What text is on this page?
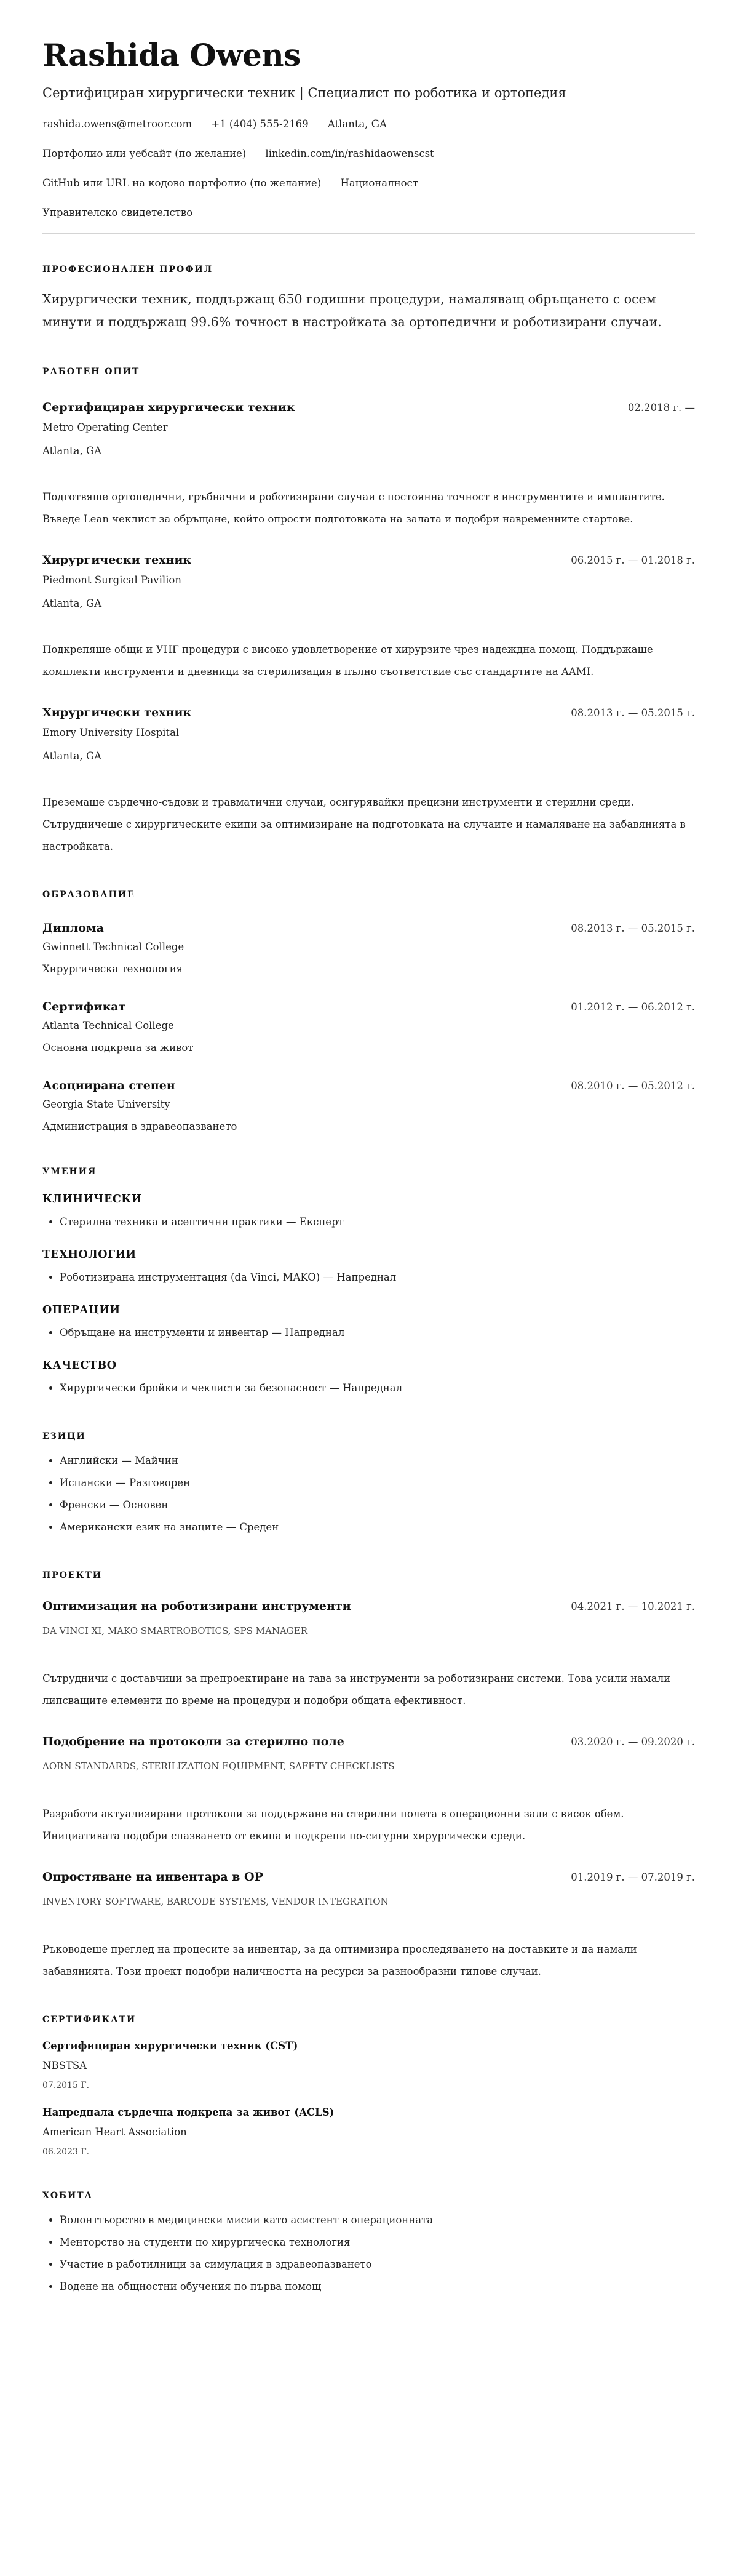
Rashida Owens
Сертифициран хирургически техник | Специалист по роботика и ортопедия
rashida.owens@metroor.com +1 (404) 555-2169 Atlanta, GA
Портфолио или уебсайт (по желание) linkedin.com/in/rashidaowenscst
GitHub или URL на кодово портфолио (по желание) Националност
Управителско свидетелство
ПРОФЕСИОНАЛЕН ПРОФИЛ
Хирургически техник, поддържащ 650 годишни процедури, намаляващ обръщането с осем минути и поддържащ 99.6% точност в настройката за ортопедични и роботизирани случаи.
РАБОТЕН ОПИТ
Сертифициран хирургически техник	02.2018 г. —
Metro Operating Center
Atlanta, GA
Подготвяше ортопедични, гръбначни и роботизирани случаи с постоянна точност в инструментите и имплантите. Въведе Lean чеклист за обръщане, който опрости подготовката на залата и подобри навременните стартове.
Хирургически техник	06.2015 г. — 01.2018 г.
Piedmont Surgical Pavilion
Atlanta, GA
Подкрепяше общи и УНГ процедури с високо удовлетворение от хирурзите чрез надеждна помощ. Поддържаше комплекти инструменти и дневници за стерилизация в пълно съответствие със стандартите на AAMI.
Хирургически техник	08.2013 г. — 05.2015 г.
Emory University Hospital
Atlanta, GA
Преземаше сърдечно-съдови и травматични случаи, осигурявайки прецизни инструменти и стерилни среди. Сътрудничеше с хирургическите екипи за оптимизиране на подготовката на случаите и намаляване на забавянията в настройката.
ОБРАЗОВАНИЕ
Диплома	08.2013 г. — 05.2015 г.
Gwinnett Technical College
Хирургическа технология
Сертификат	01.2012 г. — 06.2012 г.
Atlanta Technical College
Основна подкрепа за живот
Асоциирана степен	08.2010 г. — 05.2012 г.
Georgia State University
Администрация в здравеопазването
УМЕНИЯ
КЛИНИЧЕСКИ
• Стерилна техника и асептични практики — Експерт
ТЕХНОЛОГИИ
• Роботизирана инструментация (da Vinci, MAKO) — Напреднал
ОПЕРАЦИИ
• Обръщане на инструменти и инвентар — Напреднал
КАЧЕСТВО
• Хирургически бройки и чеклисти за безопасност — Напреднал
ЕЗИЦИ
• Английски — Майчин
• Испански — Разговорен
• Френски — Основен
• Американски език на знаците — Среден
ПРОЕКТИ
Оптимизация на роботизирани инструменти	04.2021 г. — 10.2021 г.
DA VINCI XI, MAKO SMARTROBOTICS, SPS MANAGER
Сътрудничи с доставчици за препроектиране на тава за инструменти за роботизирани системи. Това усили намали липсващите елементи по време на процедури и подобри общата ефективност.
Подобрение на протоколи за стерилно поле	03.2020 г. — 09.2020 г.
AORN STANDARDS, STERILIZATION EQUIPMENT, SAFETY CHECKLISTS
Разработи актуализирани протоколи за поддържане на стерилни полета в операционни зали с висок обем. Инициативата подобри спазването от екипа и подкрепи по-сигурни хирургически среди.
Опростяване на инвентара в ОР	01.2019 г. — 07.2019 г.
INVENTORY SOFTWARE, BARCODE SYSTEMS, VENDOR INTEGRATION
Ръководеше преглед на процесите за инвентар, за да оптимизира проследяването на доставките и да намали забавянията. Този проект подобри наличността на ресурси за разнообразни типове случаи.
СЕРТИФИКАТИ
Сертифициран хирургически техник (CST)
NBSTSA
07.2015 Г.
Напреднала сърдечна подкрепа за живот (ACLS)
American Heart Association
06.2023 Г.
ХОБИТА
• Волонттьорство в медицински мисии като асистент в операционната
• Менторство на студенти по хирургическа технология
• Участие в работилници за симулация в здравеопазването
• Водене на общностни обучения по първа помощ
